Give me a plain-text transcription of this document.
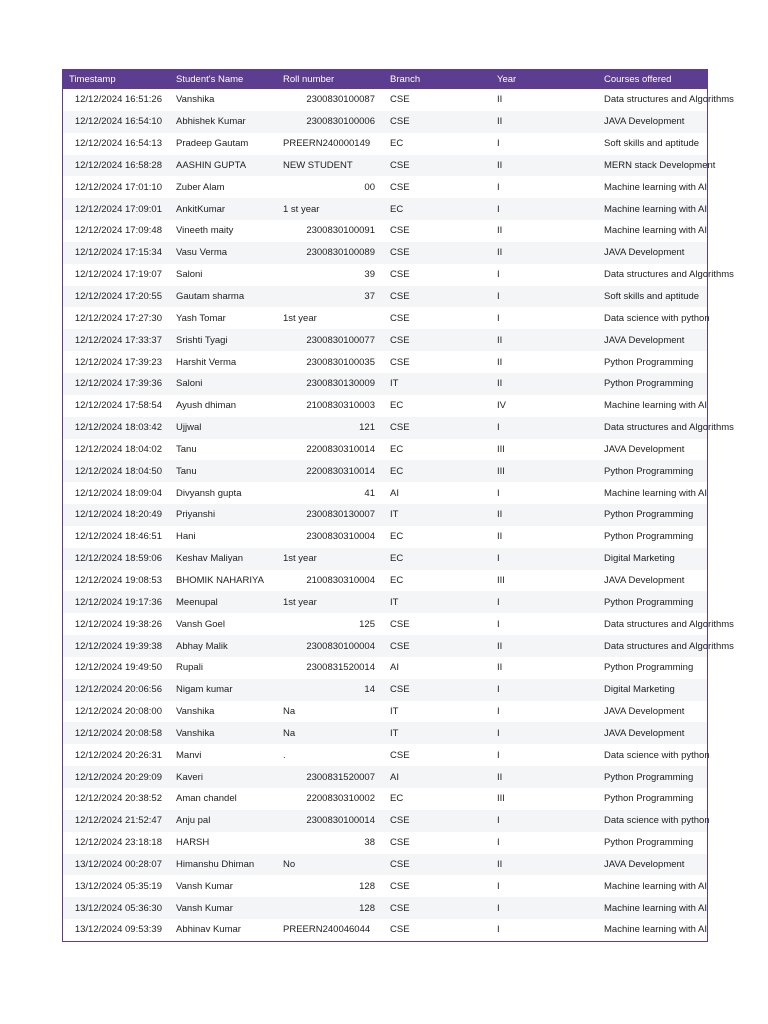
Timestamp	Student's Name	Roll number	Branch	Year	Courses offered
12/12/2024 16:51:26	Vanshika	2300830100087	CSE	II	Data structures and Algorithms
12/12/2024 16:54:10	Abhishek Kumar	2300830100006	CSE	II	JAVA Development
12/12/2024 16:54:13	Pradeep Gautam	PREERN240000149	EC	I	Soft skills and aptitude
12/12/2024 16:58:28	AASHIN GUPTA	NEW STUDENT	CSE	II	MERN stack Development
12/12/2024 17:01:10	Zuber Alam	00	CSE	I	Machine learning with AI
12/12/2024 17:09:01	AnkitKumar	1 st year	EC	I	Machine learning with AI
12/12/2024 17:09:48	Vineeth maity	2300830100091	CSE	II	Machine learning with AI
12/12/2024 17:15:34	Vasu Verma	2300830100089	CSE	II	JAVA Development
12/12/2024 17:19:07	Saloni	39	CSE	I	Data structures and Algorithms
12/12/2024 17:20:55	Gautam sharma	37	CSE	I	Soft skills and aptitude
12/12/2024 17:27:30	Yash Tomar	1st year	CSE	I	Data science with python
12/12/2024 17:33:37	Srishti Tyagi	2300830100077	CSE	II	JAVA Development
12/12/2024 17:39:23	Harshit Verma	2300830100035	CSE	II	Python Programming
12/12/2024 17:39:36	Saloni	2300830130009	IT	II	Python Programming
12/12/2024 17:58:54	Ayush dhiman	2100830310003	EC	IV	Machine learning with AI
12/12/2024 18:03:42	Ujjwal	121	CSE	I	Data structures and Algorithms
12/12/2024 18:04:02	Tanu	2200830310014	EC	III	JAVA Development
12/12/2024 18:04:50	Tanu	2200830310014	EC	III	Python Programming
12/12/2024 18:09:04	Divyansh gupta	41	AI	I	Machine learning with AI
12/12/2024 18:20:49	Priyanshi	2300830130007	IT	II	Python Programming
12/12/2024 18:46:51	Hani	2300830310004	EC	II	Python Programming
12/12/2024 18:59:06	Keshav Maliyan	1st year	EC	I	Digital Marketing
12/12/2024 19:08:53	BHOMIK NAHARIYA	2100830310004	EC	III	JAVA Development
12/12/2024 19:17:36	Meenupal	1st year	IT	I	Python Programming
12/12/2024 19:38:26	Vansh Goel	125	CSE	I	Data structures and Algorithms
12/12/2024 19:39:38	Abhay Malik	2300830100004	CSE	II	Data structures and Algorithms
12/12/2024 19:49:50	Rupali	2300831520014	AI	II	Python Programming
12/12/2024 20:06:56	Nigam kumar	14	CSE	I	Digital Marketing
12/12/2024 20:08:00	Vanshika	Na	IT	I	JAVA Development
12/12/2024 20:08:58	Vanshika	Na	IT	I	JAVA Development
12/12/2024 20:26:31	Manvi	.	CSE	I	Data science with python
12/12/2024 20:29:09	Kaveri	2300831520007	AI	II	Python Programming
12/12/2024 20:38:52	Aman chandel	2200830310002	EC	III	Python Programming
12/12/2024 21:52:47	Anju pal	2300830100014	CSE	I	Data science with python
12/12/2024 23:18:18	HARSH	38	CSE	I	Python Programming
13/12/2024 00:28:07	Himanshu Dhiman	No	CSE	II	JAVA Development
13/12/2024 05:35:19	Vansh Kumar	128	CSE	I	Machine learning with AI
13/12/2024 05:36:30	Vansh Kumar	128	CSE	I	Machine learning with AI
13/12/2024 09:53:39	Abhinav Kumar	PREERN240046044	CSE	I	Machine learning with AI
